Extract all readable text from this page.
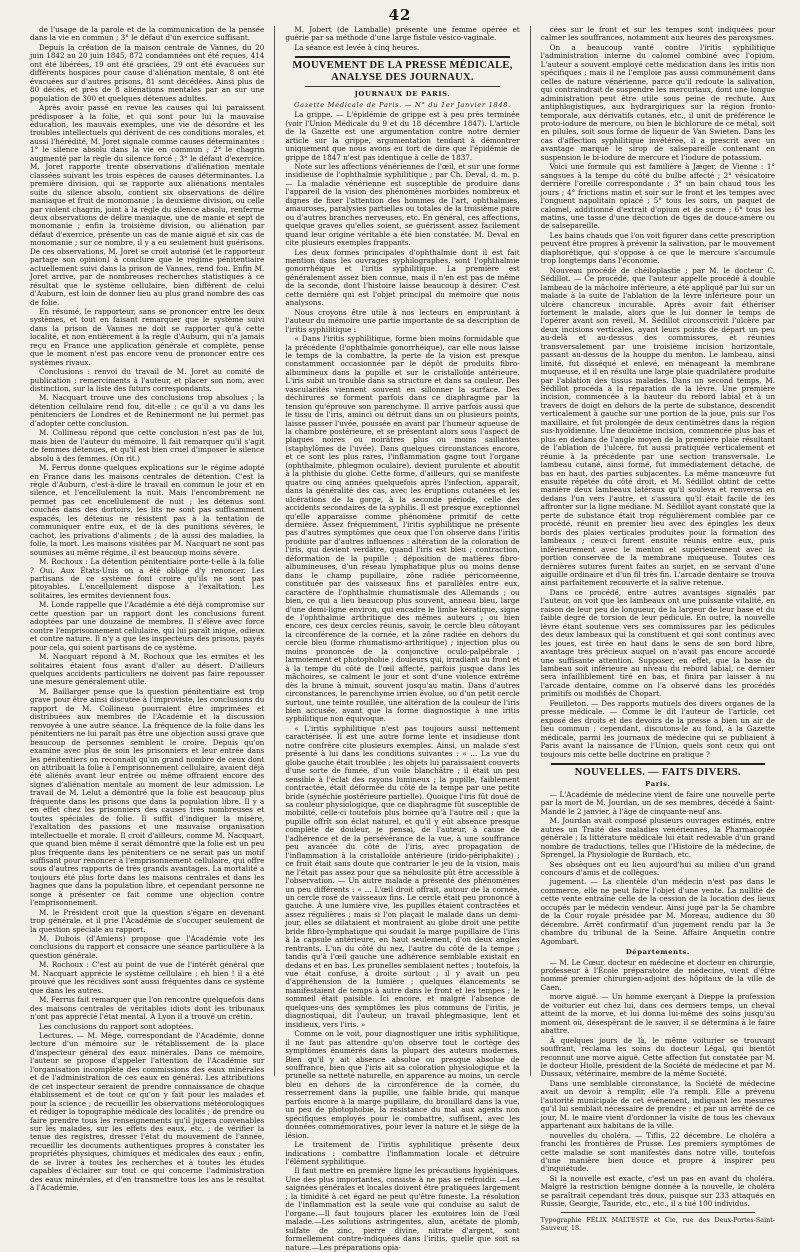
42

de l'usage de la parole et de la communication de la pensée dans la vie en commun ; 3° le défaut d'un exercice suffisant.

Depuis la création de la maison centrale de Vannes, du 20 juin 1842 au 20 juin 1845, 872 condamnées ont été reçues, 414 ont été libérées, 19 ont été graciées, 29 ont été évacuées sur différents hospices pour cause d'aliénation mentale, 8 ont été évacuées sur d'autres prisons, 81 sont décédées. Ainsi plus de 80 décès, et près de 8 aliénations mentales par an sur une population de 300 et quelques détenues adultes.

Après avoir passé en revue les causes qui lui paraissent prédisposer à la folie, et qui sont pour lui la mauvaise éducation, les mauvais exemples, une vie de désordre et les troubles intellectuels qui dérivent de ces conditions morales, et aussi l'hérédité, M. Joret signale comme causes déterminantes : 1° le silence absolu dans la vie en commun ; 2° le chagrin augmenté par la règle du silence forcé ; 3° le défaut d'exercice. M. Joret rapporte trente observations d'aliénation mentale classées suivant les trois espèces de causes déterminantes. La première division, qui se rapporte aux aliénations mentales suite du silence absolu, contient six observations de délire maniaque et fruit de monomanie ; la deuxième division, ou celle par violent chagrin, joint à la règle du silence absolu, renferme deux observations de délire maniaque, une de manie et sept de monomanie ; enfin la troisième division, ou aliénation par défaut d'exercice, présente un cas de manie aiguë et six cas de monomanie ; sur ce nombre, il y a eu seulement huit guérisons. De ces observations, M. Joret se croit autorisé (et le rapporteur partage son opinion) à conclure que le régime pénitentiaire actuellement suivi dans la prison de Vannes, rend fou. Enfin M. Joret arrive, par de nombreuses recherches statistiques à ce résultat que le système cellulaire, bien différent de celui d'Auburn, est loin de donner lieu au plus grand nombre des cas de folie.

En résumé, le rapporteur, sans se prononcer entre les deux systèmes, et tout en faisant remarquer que le système suivi dans la prison de Vannes ne doit se rapporter qu'à cette localité, et non entièrement à la règle d'Auburn, qui n'a jamais reçu en France une application générale et complète, pense que le moment n'est pas encore venu de prononcer entre ces systèmes rivaux.

Conclusions : renvoi du travail de M. Joret au comité de publication ; remerciments à l'auteur, et placer son nom, avec distinction, sur la liste des futurs correspondants.

M. Nacquart trouve une des conclusions trop absolues ; la détention cellulaire rend fou, dit-elle ; ce qu'il a vu dans les pénitenciers de Londres et de Reninermont ne lui permet pas d'adopter cette conclusion.

M. Collineau répond que cette conclusion n'est pas de lui, mais bien de l'auteur du mémoire. Il fait remarquer qu'il s'agit de femmes détenues, et qu'il est bien cruel d'imposer le silence absolu à des femmes. (On rit.)

M. Ferrus donne quelques explications sur le régime adopté en France dans les maisons centrales de détention. C'est la règle d'Auburn, c'est-à-dire le travail en commun le jour et en silence, et l'encellulement la nuit. Mais l'encombrement ne permet pas cet encellulement de nuit ; les détenus sont couchés dans des dortoirs, les lits ne sont pas suffisamment espacés, les détenus ne résistent pas à la tentation de communiquer entre eux, et de là des punitions sévères, le cachot, les privations d'aliments ; de là aussi des maladies, la folie, la mort. Les maisons visitées par M. Nacquart ne sont pas soumises au même régime, il est beaucoup moins sévère.

M. Rochoux : La détention pénitentiaire porte-t-elle à la folie ? Oui. Aux États-Unis on a été obligé d'y renoncer. Les partisans de ce système font croire qu'ils ne sont pas pitoyables. L'encellulement dispose à l'exaltation. Les solitaires, les ermites deviennent fous.

M. Londe rappelle que l'Académie a été déjà compromise sur cette question par un rapport dont les conclusions furent adoptées par une douzaine de membres. Il s'élève avec force contre l'emprisonnement cellulaire, qui lui paraît inique, odieux et contre nature. Il n'y a que les inspecteurs des prisons, payés pour cela, qui soient partisans de ce système.

M. Nacquart répond à M. Rochoux que les ermites et les solitaires étaient fous avant d'aller au désert. D'ailleurs quelques accidents particuliers ne doivent pas faire repousser une mesure généralement utile.

M. Baillarger pense que la question pénitentiaire est trop grave pour être ainsi discutée à l'improviste, les conclusions du rapport de M. Collineau pourraient être imprimées et distribuées aux membres de l'Académie et la discussion renvoyée à une autre séance. La fréquence de la folie dans les pénitentiers ne lui paraît pas être une objection aussi grave que beaucoup de personnes semblent le croire. Depuis qu'on examine avec plus de soin les prisonniers et leur entrée dans les pénitentiers on reconnaît qu'un grand nombre de ceux dont on attribuait la folie à l'emprisonnement cellulaire, avaient déjà été aliénés avant leur entrée ou même offraient encore des signes d'aliénation mentale au moment de leur admission. Le travail de M. Lelut a démontré que la folie est beaucoup plus fréquente dans les prisons que dans la population libre. Il y a en effet chez les prisonniers des causes très nombreuses et toutes spéciales de folie. Il suffit d'indiquer la misère, l'exaltation des passions et une mauvaise organisation intellectuelle et morale. Il croit d'ailleurs, comme M. Nacquart, que quand bien même il serait démontré que la folie est un peu plus fréquente dans les pénitentiers ce ne serait pas un motif suffisant pour renoncer à l'emprisonnement cellulaire, qui offre sous d'autres rapports de très grands avantages. La mortalité a toujours été plus forte dans les maisons centrales et dans les bagnes que dans la population libre, et cependant personne ne songe à présenter ce fait comme une objection contre l'emprisonnement.

M. le Président croit que la question s'égare en devenant trop générale, et il prie l'Académie de s'occuper seulement de la question spéciale au rapport.

M. Dubois (d'Amiens) propose que l'Académie vote les conclusions du rapport et consacre une séance particulière à la question générale.

M. Rochoux : C'est au point de vue de l'intérêt général que M. Nacquart apprécie le système cellulaire ; eh bien ! il a été prouvé que les récidives sont aussi fréquentes dans ce système que dans les autres.

M. Ferrus fait remarquer que l'on rencontre quelquefois dans des maisons centrales de véritables idiots dont les tribunaux n'ont pas apprécié l'état mental. À Lyon il a trouvé un crétin.

Les conclusions du rapport sont adoptées.

Lectures. — M. Mège, correspondant de l'Académie, donne lecture d'un mémoire sur le rétablissement de la place d'inspecteur général des eaux minérales. Dans ce mémoire, l'auteur se propose d'appeler l'attention de l'Académie sur l'organisation incomplète des commissions des eaux minérales et de l'administration de ces eaux en général. Les attributions de cet inspecteur seraient de prendre connaissance de chaque établissement et de tout ce qu'on y fait pour les malades et pour la science ; de recueillir les observations météorologiques et rédiger la topographie médicale des localités ; de prendre ou faire prendre tous les renseignements qu'il jugera convenables sur les malades, sur les effets des eaux, etc. ; de vérifier la tenue des registres, dresser l'état du mouvement de l'année, recueillir les documents authentiques propres à constater les propriétés physiques, chimiques et médicales des eaux ; enfin, de se livrer à toutes les recherches et à toutes les études capables d'éclairer sur tout ce qui concerne l'administration des eaux minérales, et d'en transmettre tous les ans le résultat à l'Académie.

M. Jobert (de Lamballe) présente une femme opérée et guérie par sa méthode d'une large fistule vésico-vaginale.

La séance est levée à cinq heures.

MOUVEMENT DE LA PRESSE MÉDICALE, ANALYSE DES JOURNAUX.
JOURNAUX DE PARIS.
Gazette Médicale de Paris. — N° du 1er Janvier 1848.

La grippe. — L'épidémie de grippe est à peu près terminée (voir l'Union Médicale du 9 et du 18 décembre 1847). L'article de la Gazette est une argumentation contre notre dernier article sur la grippe, argumentation tendant à démontrer uniquement que nous avons eu tort de dire que l'épidémie de grippe de 1847 n'est pas identique à celle de 1837.

Note sur les affections vénériennes de l'œil, et sur une forme insidieuse de l'ophthalmie syphilitique ; par Ch. Deval, d. m. p. — La maladie vénérienne est susceptible de produire dans l'appareil de la vision des phénomènes morbides nombreux et dignes de fixer l'attention des hommes de l'art, ophthalmies, amauroses, paralysies partielles ou totales de la troisième paire ou d'autres branches nerveuses, etc. En général, ces affections, quelque graves qu'elles soient, se guérissent assez facilement quand leur origine véritable a été bien constatée. M. Deval en cite plusieurs exemples frappants.

Les deux formes principales d'ophthalmie dont il est fait mention dans les ouvrages syphilographes, sont l'ophthalmie gonorrhéique et l'iritis syphilitique. La première est généralement assez bien connue, mais il n'en est pas de même de la seconde, dont l'histoire laisse beaucoup à désirer. C'est cette dernière qui est l'objet principal du mémoire que nous analysons.

Nous croyons être utile à nos lecteurs en empruntant à l'auteur du mémoire une partie importante de sa description de l'iritis syphilitique :

« Dans l'iritis syphilitique, forme bien moins formidable que la précédente (l'ophthalmie gonorrhéique), car elle nous laisse le temps de la combattre, la perte de la vision est presque constamment occasionnée par le dépôt de produits fibro-albumineux dans la pupille et sur le cristalloïde antérieure. L'iris subit un trouble dans sa structure et dans sa couleur. Des vascularités viennent souvent en sillonner la surface. Des déchirures se forment parfois dans ce diaphragme par la tension qu'éprouve son parenchyme. Il arrive parfois aussi que le tissu de l'iris, aminci ou détruit dans un ou plusieurs points, laisse passer l'uvée, poussée en avant par l'humeur aqueuse de la chambre postérieure, et se présentant alors sous l'aspect de plaques noires ou noirâtres plus ou moins saillantes (staphylômes de l'uvée). Dans quelques circonstances encore, et ce sont les plus rares, l'inflammation gagne tout l'organe (ophthalmite, phlegmon oculaire), devient purulente et aboutit à la phthisie du globe. Cette forme, d'ailleurs, qui se manifeste quatre ou cinq années quelquefois après l'infection, apparaît, dans la généralité des cas, avec les éruptions cutanées et les ulcérations de la gorge, à la seconde période, celle des accidents secondaires de la syphilis. Il est presque exceptionnel qu'elle apparaisse comme phénomène primitif de cette dernière. Assez fréquemment, l'iritis syphilitique ne présente pas d'autres symptômes que ceux que l'on observe dans l'iritis produite par d'autres influences : altération de la coloration de l'iris, qui devient verdâtre, quand l'iris est bleu ; contraction, déformation de la pupille ; déposition de matières fibro-albumineuses, d'un réseau lymphatique plus ou moins dense dans le champ pupillaire, zône radiée péricornéenne, constituée par des vaisseaux fins et parallèles entre eux, caractère de l'ophthalmie rhumatismale des Allemands ; ou bien, ce qui a lieu beaucoup plus souvent, anneau bleu, large d'une demi-ligne environ, qui encadre le limbe kératique, signe de l'ophthalmie arthritique des mêmes auteurs ; ou bien encore, ces deux cercles réunis, savoir, le cercle bleu côtoyant la circonférence de la cornée, et la zône radiée en dehors du cercle bleu (forme rhumatismo-arthritique) ; injection plus ou moins prononcée de la conjonctive oculo-palpébrale ; larmoiement et photophobie ; douleurs qui, irradiant au front et à la tempe du côté de l'œil affecté, parfois jusque dans les mâchoires, se calment le jour et sont d'une violence extrême dès la brune à minuit, souvent jusqu'au matin. Dans d'autres circonstances, le parenchyme irrien évolue, ou d'un petit cercle surtout, une teinte rouillée, une altération de la couleur de l'iris bien accusée, avant que la forme diagnostique à une iritis syphilitique non équivoque.

« L'iritis syphilitique n'est pas toujours aussi nettement caractérisée. Il est une autre forme lente et insidieuse dont notre confrère cite plusieurs exemples. Ainsi, un malade s'est présenté à lui dans les conditions suivantes : « ... La vue du globe gauche était troublée ; les objets lui paraissaient couverts d'une sorte de fumée, d'un voile blanchâtre ; il était un peu sensible à l'éclat des rayons lumineux ; la pupille, faiblement contractée, était déformée du côté de la tempe par une petite bride (synéchie postérieure partielle). Quoique l'iris fût doué de sa couleur physiologique, que ce diaphragme fût susceptible de mobilité, celle-ci toutefois plus bornée qu'à l'autre œil ; que la pupille offrît son éclat naturel, et qu'il y eût absence presque complète de douleur, je pensai, de l'auteur, à cause de l'adhérence et de la persévérance de la vue, à une souffrance peu avancée du côté de l'iris, avec propagation de l'inflammation à la cristalloïde antérieure (irido-périphakite) ; ce fruit était sans doute que contrarier le jeu de la vision, mais ne l'était pas assez pour que sa nébulosité pût être accessible à l'observation. — Un autre malade a présenté des phénomènes un peu différents : « ... L'œil droit offrait, autour de la cornée, un cercle rosé de vaisseaux fins. Le cercle était peu prononcé à gauche. À une lumière vive, les pupilles étaient contractées et assez régulières ; mais si l'on plaçait le malade dans un demi-jour, elles se dilataient et montraient au globe droit une petite bride fibro-lymphatique qui soudait la marge pupillaire de l'iris à la capsule antérieure, en haut seulement, d'où deux angles rentrants. L'un du côté du nez, l'autre du côté de la tempe ; tandis qu'à l'œil gauche une adhérence semblable existait en dedans et en bas. Les prunelles semblaient nettes ; toutefois, la vue était confuse, à droite surtout ; il y avait un peu d'appréhension de la lumière ; quelques élancements se manifestaient de temps à autre dans le front et les tempes ; le sommeil était paisible. Ici encore, et malgré l'absence de quelques-uns des symptômes les plus communs de l'iritis, je diagnostiquai, dit l'auteur, un travail phlegmasique, lent et insidieux, vers l'iris. »

Comme on le voit, pour diagnostiquer une iritis syphilitique, il ne faut pas attendre qu'on observe tout le cortège des symptômes énumérés dans la plupart des auteurs modernes. Bien qu'il y ait absence absolue ou presque absolue de souffrance, bien que l'iris ait sa coloration physiologique et la prunelle sa netteté naturelle, en apparence au moins, un cercle bleu en dehors de la circonférence de la cornée, du resserrement dans la pupille, une faible bride, qui manque parfois encore à la marge pupillaire, du brouillard dans la vue, un peu de photophobie, la résistance du mal aux agents non spécifiques employés pour le combattre, suffisent, avec les données commémoratives, pour lever la nature et le siège de la lésion.

Le traitement de l'iritis syphilitique présente deux indications : combattre l'inflammation locale et détruire l'élément syphilitique.

Il faut mettre en première ligne les précautions hygiéniques. Une des plus importantes, consiste à ne pas se refroidir. —Les saignées générales et locales doivent être pratiquées largement ; la timidité à cet égard ne peut qu'être funeste. La résolution de l'inflammation est la seule voie qui conduise au salut de l'organe.—Il faut toujours placer les exutoires loin de l'œil malade.—Les solutions astringentes, alun, acétate de plomb, sulfate de zinc, pierre divine, nitrate d'argent, sont formellement contre-indiquées dans l'iritis, quelle que soit sa nature.—Les préparations opia-

cées sur le front et sur les tempes sont indiquées pour calmer les souffrances, notamment aux heures des paroxysmes.

On a beaucoup vanté contre l'iritis syphilitique l'administration interne du calomel combiné avec l'opium. L'auteur a souvent employé cette médication dans les iritis non spécifiques ; mais il ne l'emploie pas aussi communément dans celles de nature vénérienne, parce qu'il redoute la salivation, qui contraindrait de suspendre les mercuriaux, dont une longue administration peut être utile sous peine de rechute. Aux antiphlogistiques, aux hydrargiriques sur la région fronto-temporale, aux dérivatifs cutanés, etc., il unit de préférence le proto-iodure de mercure, ou bien le bichlorure de ce métal, soit en pilules, soit sous forme de liqueur de Van Swieten. Dans les cas d'affection syphilitique invétérée, il a prescrit avec un avantage marqué le sirop de salsepareille contenant en suspension le bi-iodure de mercure et l'iodure de potassium.

Voici une formule qui est familière à Jæger, de Vienne : 1° sangsues à la tempe du côté du bulbe affecté ; 2° vésicatoire derrière l'oreille correspondante ; 3° un bain chaud tous les jours ; 4° frictions matin et soir sur le front et les tempes avec l'onguent napolitain opiacé ; 5° tous les soirs, un paquet de calomel, additionné d'extrait d'opium et de sucre ; 6° tous les matins, une tasse d'une décoction de tiges de douce-amère ou de salsepareille.

Les bains chauds que l'on voit figurer dans cette prescription peuvent être propres à prévenir la salivation, par le mouvement diaphorétique, qui s'oppose à ce que le mercure s'accumule trop longtemps dans l'économie.

Nouveau procédé de chéiloplastie ; par M. le docteur C. Sédillot. — Ce procédé, que l'auteur appelle procédé à double lambeau de la mâchoire inférieure, a été appliqué par lui sur un malade à la suite de l'ablation de la lèvre inférieure pour un ulcère chancreux incurable. Après avoir fait éthériser fortement le malade, alors que le lui donner le temps de l'opérer avant son réveil, M. Sédillot circonscrivit l'ulcère par deux incisions verticales, ayant leurs points de départ un peu au-delà et au-dessus des commissures, et réunies transversalement par une troisième incision horizontale, passant au-dessus de la houppe du menton. Le lambeau, ainsi limité, fut disséqué et enlevé, en ménageant la membrane muqueuse, et il en résulta une large plaie quadrilatère produite par l'ablation des tissus malades. Dans un second temps, M. Sédillot procéda à la réparation de la lèvre. Une première incision, commencée à la hauteur du rebord labial et à un travers de doigt en dehors de la perte de substance, descendit verticalement à gauche sur une portion de la joue, puis sur l'os maxillaire, et fut prolongée de deux centimètres dans la région sus-hyoïdienne. Une deuxième incision, commencée plus bas et plus en dedans de l'angle moyen de la première plaie résultant de l'ablation de l'ulcère, fut aussi pratiquée verticalement et réunie à la précédente par une section transversale. Le lambeau cutané, ainsi formé, fut immédiatement détaché, de bas en haut, des parties subjacentes. La même manœuvre fut ensuite répétée du côté droit, et M. Sédillot obtint de cette manière deux lambeaux latéraux qu'il souleva et renversa en dedans l'un vers l'autre, et s'assura qu'il était facile de les affronter sur la ligne médiane. M. Sédillot ayant constaté que la perte de substance était trop régulièrement comblée par ce procédé, réunit en premier lieu avec des épingles les deux bords des plaies verticales produites pour la formation des lambeaux ; ceux-ci furent ensuite réunis entre eux, puis inférieurement avec le menton et supérieurement avec la portion conservée de la membrane muqueuse. Toutes ces dernières sutures furent faites au surjet, en se servant d'une aiguille ordinaire et d'un fil très fin. L'arcade dentaire se trouva ainsi parfaitement recouverte et la salive retenue.

Dans ce procédé, entre autres avantages signalés par l'auteur, on voit que les lambeaux ont une puissante vitalité, en raison de leur peu de longueur, de la largeur de leur base et du faible degré de torsion de leur pédicule. En outre, la nouvelle lèvre étant soutenue vers ses commissures par les pédicules des deux lambeaux qui la constituent et qui sont continus avec les joues, est tirée en haut dans le sens de son bord libre, avantage très précieux auquel on n'avait pas encore accordé une suffisante attention. Supposer, en effet, que la base du lambeau soit inférieure au niveau du rebord labial, ce dernier sera infailliblement tiré en bas, et finira par laisser à nu l'arcade dentaire, comme on l'a observé dans les procédés primitifs ou modifiés de Chopart.

Feuilleton. — Des rapports mutuels des divers organes de la presse médicale. — Comme le dit l'auteur de l'article, cet exposé des droits et des devoirs de la presse a bien un air de lieu commun ; cependant, discutons-le au fond, à la Gazette médicale, parmi les journaux de médecine qui se publiaient à Paris avant la naissance de l'Union, quels sont ceux qui ont toujours mis cette belle doctrine en pratique ?

NOUVELLES. — FAITS DIVERS.
Paris.

— L'Académie de médecine vient de faire une nouvelle perte par la mort de M. Jourdan, un de ses membres, décédé à Saint-Mandé le 2 janvier, à l'âge de cinquante-neuf ans.

M. Jourdan avait composé plusieurs ouvrages estimés, entre autres un Traité des maladies vénériennes, la Pharmacopée générale ; la littérature médicale lui était redevable d'un grand nombre de traductions, telles que l'Histoire de la médecine, de Sprengel, la Physiologie de Burdach, etc.

Ses obsèques ont eu lieu aujourd'hui au milieu d'un grand concours d'amis et de collègues.

jugement. — La clientèle d'un médecin n'est pas dans le commerce, elle ne peut faire l'objet d'une vente. La nullité de cette vente entraîne celle de la cession de la location des lieux occupés par le médecin vendeur. Ainsi jugé par la 5e chambre de la Cour royale présidée par M. Moreau, audience du 30 décembre. Arrêt confirmatif d'un jugement rendu par la 3e chambre du tribunal de la Seine. Affaire Anquetin contre Agombart.

Départements.

— M. Le Cœur, docteur en médecine et docteur en chirurgie, professeur à l'École préparatoire de médecine, vient d'être nommé premier chirurgien-adjoint des hôpitaux de la ville de Caen.

morve aiguë. — Un homme exerçant à Dieppe la profession de voiturier eut chez lui, dans ces derniers temps, un cheval atteint de la morve, et lui donna lui-même des soins jusqu'au moment où, désespérant de le sauver, il se détermina à le faire abattre.

À quelques jours de là, le même voiturier se trouvant souffrant, réclama les soins du docteur Légal, qui bientôt reconnut une morve aiguë. Cette affection fut constatée par M. le docteur Hiolle, président de la Société de médecine et par M. Dussaux, vétérinaire, membre de la même Société.

Dans une semblable circonstance, la Société de médecine avait un devoir à remplir, elle l'a rempli. Elle a prévenu l'autorité municipale de cet événement, indiquant les mesures qu'il lui semblait nécessaire de prendre ; et par un arrêté de ce jour, M. le maire vient d'ordonner la visite de tous les chevaux appartenant aux habitans de la ville.

nouvelles du choléra. — Tiflis, 22 décembre. Le choléra a franchi les frontières de Prusse. Les premiers symptômes de cette maladie se sont manifestés dans notre ville, toutefois d'une manière bien douce et propre à inspirer peu d'inquiétude.

Si la nouvelle est exacte, c'est un pas en avant du choléra. Malgré la restriction bénigne donnée à la nouvelle, le choléra se paraîtrait cependant très doux, puisque sur 233 attaqués en Russie, Georgie, Tauride, etc., etc., il a tué 100 individus.

Typographie FÉLIX MALTESTE et Cie, rue des Deux-Portes-Saint-Sauveur, 18.
